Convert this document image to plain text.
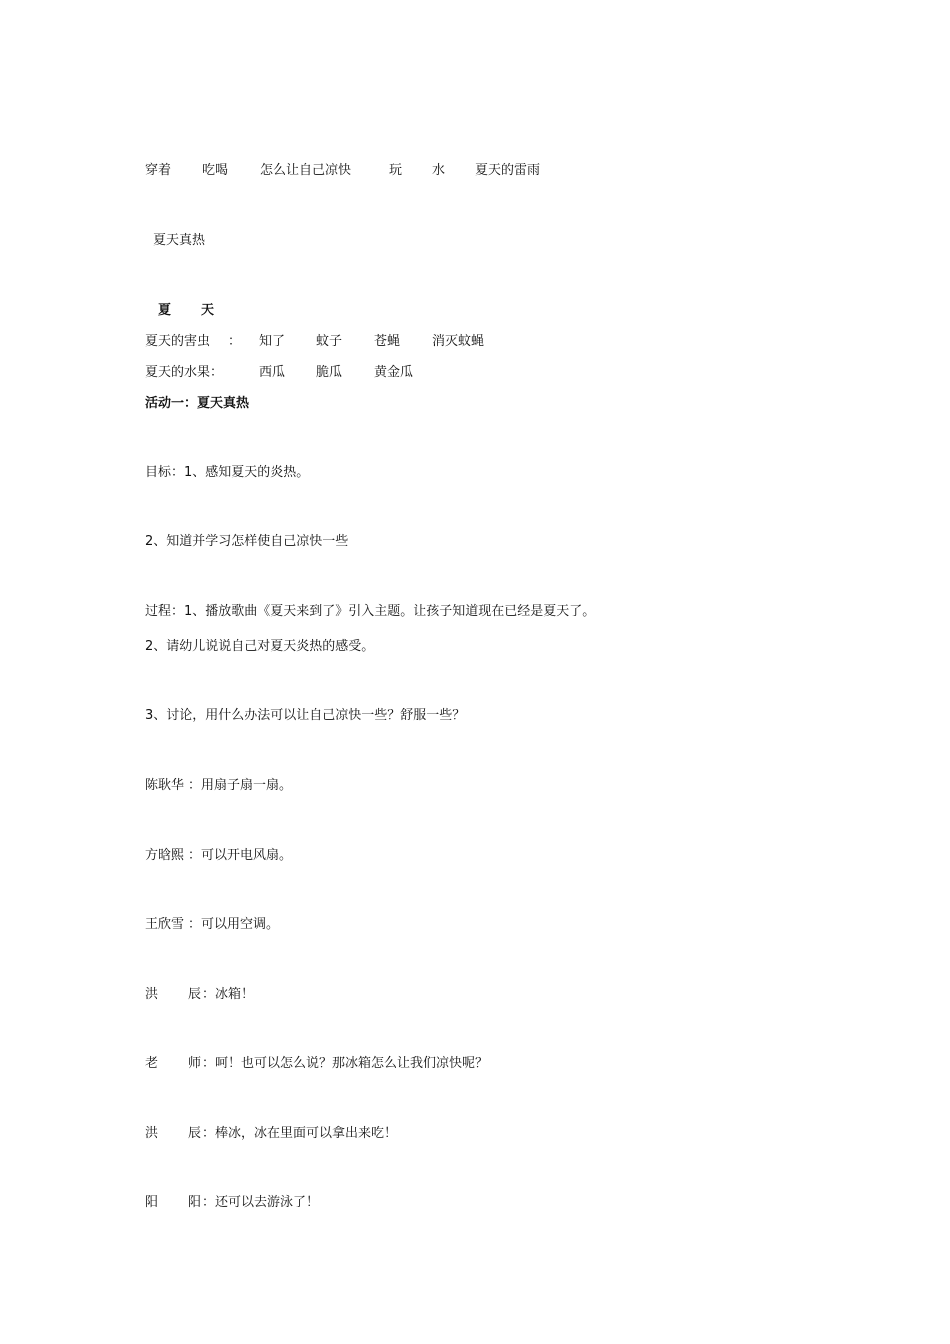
穿着 吃喝 怎么让自己凉快	玩 水 夏天的雷雨
夏天真热
夏 天
夏天的害虫 ： 知了 蚊子 苍蝇 消灭蚊蝇
夏天的水果：	西瓜 脆瓜 黄金瓜
活动一：夏天真热
目标：1、感知夏天的炎热。
2、知道并学习怎样使自己凉快一些
过程：1、播放歌曲《夏天来到了》引入主题。让孩子知道现在已经是夏天了。
2、请幼儿说说自己对夏天炎热的感受。
3、讨论，用什么办法可以让自己凉快一些？舒服一些？
陈耿华 ：用扇子扇一扇。
方晗熙 ：可以开电风扇。
王欣雪 ：可以用空调。
洪 辰 ：冰箱！
老 师 ：呵！也可以怎么说？那冰箱怎么让我们凉快呢？
洪 辰 ：棒冰，冰在里面可以拿出来吃！
阳 阳 ：还可以去游泳了！
